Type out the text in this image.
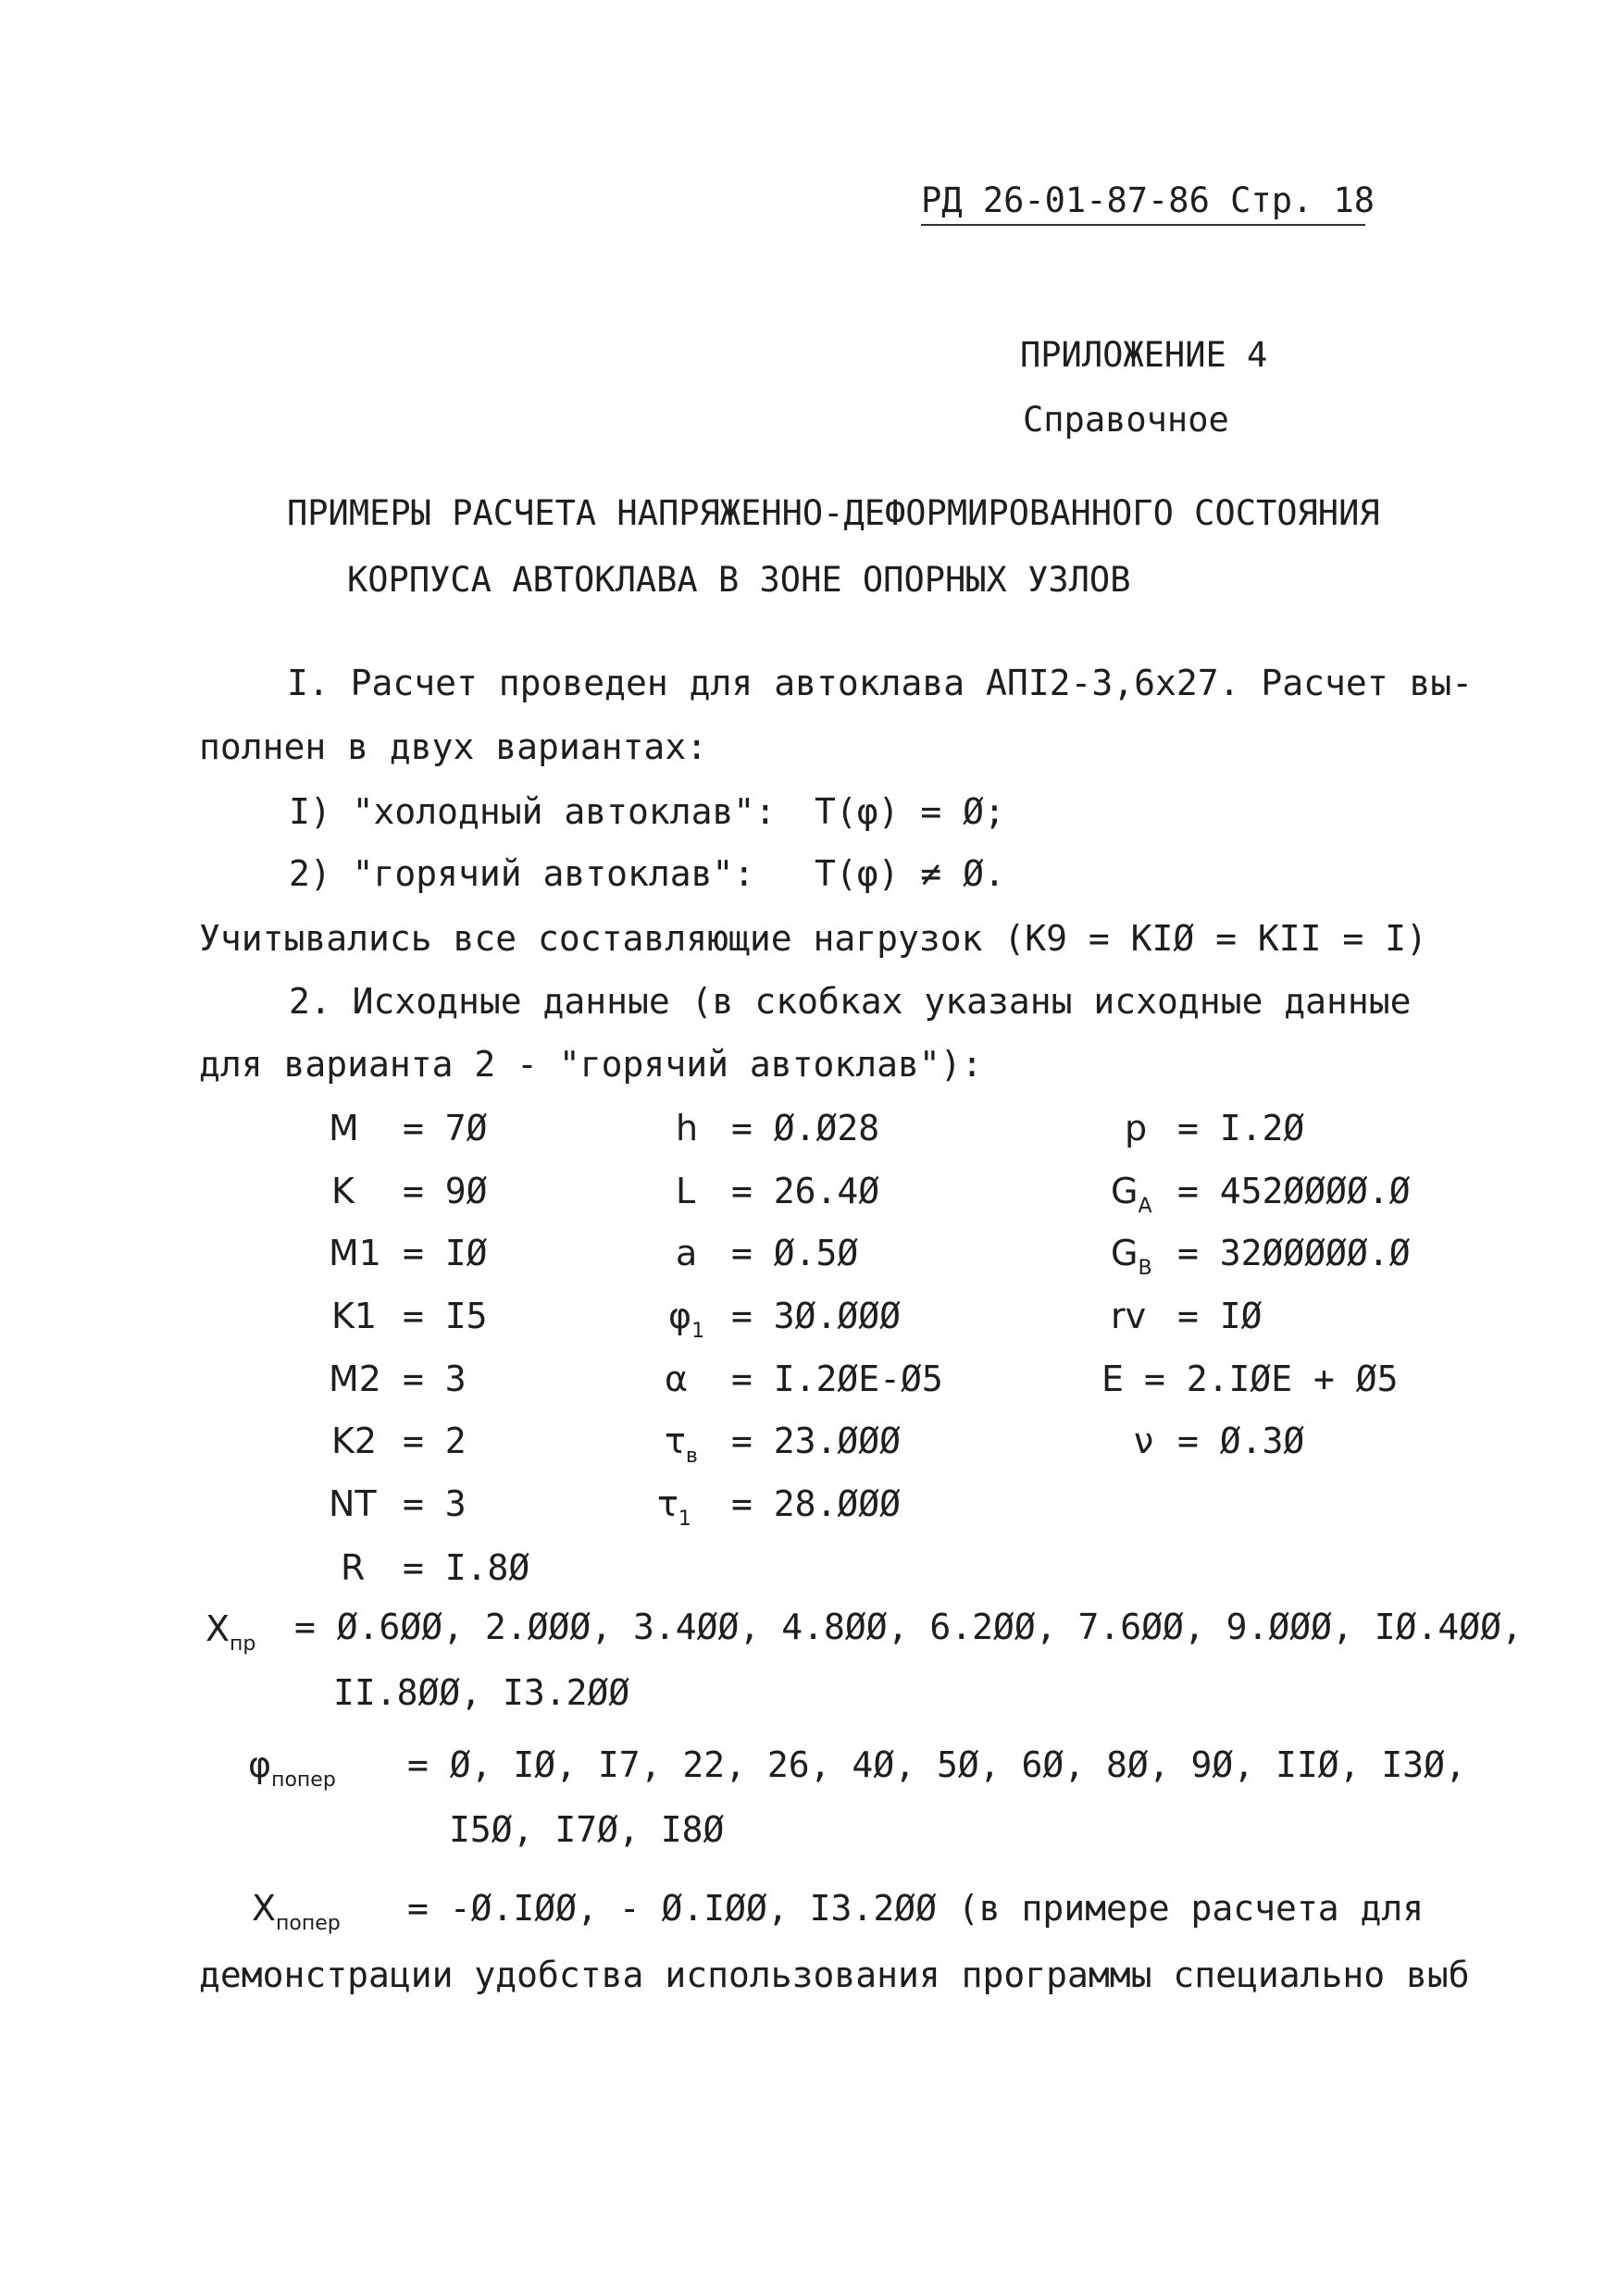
РД 26-01-87-86 Стр. 18
ПРИЛОЖЕНИЕ 4
Справочное
ПРИМЕРЫ РАСЧЕТА НАПРЯЖЕННО-ДЕФОРМИРОВАННОГО СОСТОЯНИЯ
КОРПУСА АВТОКЛАВА В ЗОНЕ ОПОРНЫХ УЗЛОВ
I. Расчет проведен для автоклава АПI2-3,6х27. Расчет вы-
полнен в двух вариантах:
I) "холодный автоклав": T(φ) = Ø;
2) "горячий автоклав": T(φ) ≠ Ø.
Учитывались все составляющие нагрузок (K9 = KIØ = KII = I)
2. Исходные данные (в скобках указаны исходные данные
для варианта 2 - "горячий автоклав"):
M = 7Ø
K = 9Ø
M1 = IØ
K1 = I5
M2 = 3
K2 = 2
NT = 3
R = I.8Ø
h = Ø.Ø28
L = 26.4Ø
a = Ø.5Ø
$\varphi_1$ = 3Ø.ØØØ
α = I.2ØE-Ø5
$\tau_в$ = 23.ØØØ
$\tau_1$ = 28.ØØØ
p = I.2Ø
$G_A$ = 452ØØØØ.Ø
$G_B$ = 32ØØØØØ.Ø
rv = IØ
E = 2.IØE + Ø5
ν = Ø.3Ø
$X_{пр}$ = Ø.6ØØ, 2.ØØØ, 3.4ØØ, 4.8ØØ, 6.2ØØ, 7.6ØØ, 9.ØØØ, IØ.4ØØ,
II.8ØØ, I3.2ØØ
$\varphi_{попер}$ = Ø, IØ, I7, 22, 26, 4Ø, 5Ø, 6Ø, 8Ø, 9Ø, IIØ, I3Ø,
I5Ø, I7Ø, I8Ø
$X_{попер}$ = -Ø.IØØ, - Ø.IØØ, I3.2ØØ (в примере расчета для
демонстрации удобства использования программы специально выб
